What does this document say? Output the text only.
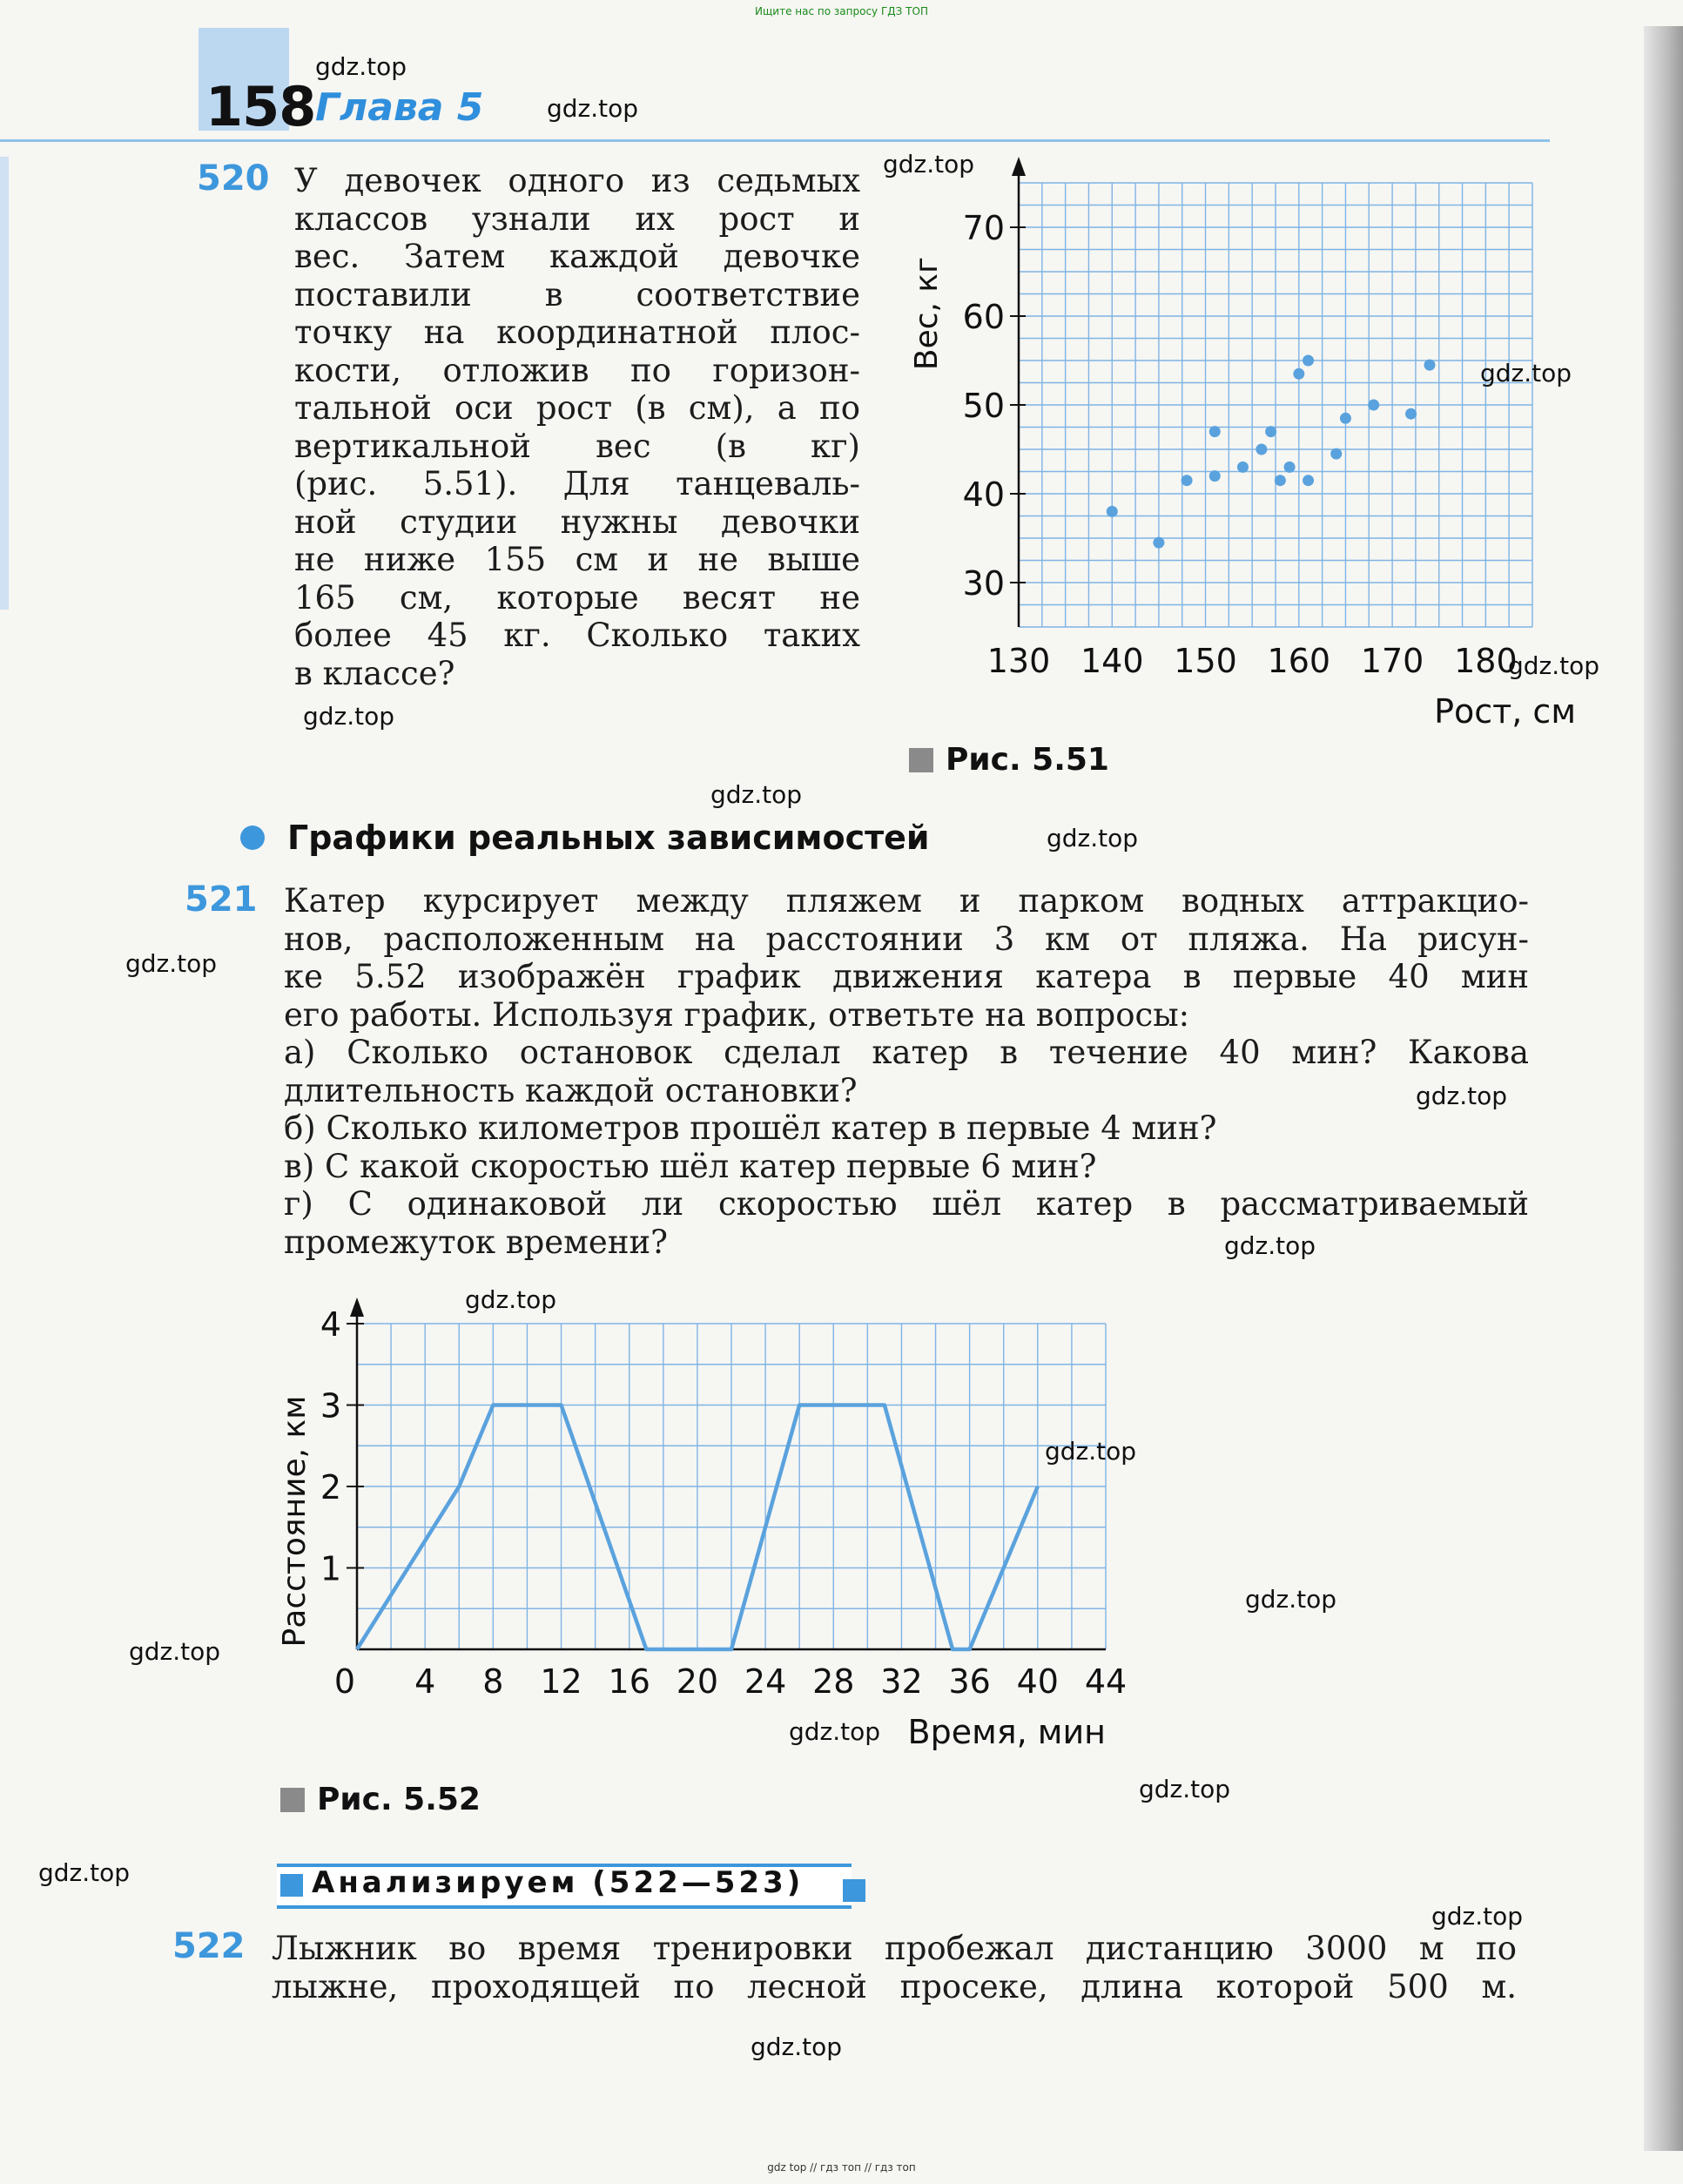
Ищите нас по запросу ГДЗ ТОП
158 Глава 5
520 У девочек одного из седьмых
классов узнали их рост и
вес. Затем каждой девочке
поставили в соответствие
точку на координатной плос-
кости, отложив по горизон-
тальной оси рост (в см), а по
вертикальной вес (в кг)
(рис. 5.51). Для танцеваль-
ной студии нужны девочки
не ниже 155 см и не выше
165 см, которые весят не
более 45 кг. Сколько таких
в классе?
30
40
50
60
70
130 140 150 160 170 180
Рост, см
Вес, кг
Рис. 5.51
Графики реальных зависимостей
521 Катер курсирует между пляжем и парком водных аттракцио-
нов, расположенным на расстоянии 3 км от пляжа. На рисун-
ке 5.52 изображён график движения катера в первые 40 мин
его работы. Используя график, ответьте на вопросы:
а) Сколько остановок сделал катер в течение 40 мин? Какова
длительность каждой остановки?
б) Сколько километров прошёл катер в первые 4 мин?
в) С какой скоростью шёл катер первые 6 мин?
г) С одинаковой ли скоростью шёл катер в рассматриваемый
промежуток времени?
1
2
3
4
0 4 8 12 16 20 24 28 32 36 40 44
Время, мин
Расстояние, км
Рис. 5.52
Анализируем (522—523)
522 Лыжник во время тренировки пробежал дистанцию 3000 м по
лыжне, проходящей по лесной просеке, длина которой 500 м.
gdz.top
gdz.top
gdz.top
gdz.top
gdz.top
gdz.top
gdz.top
gdz.top
gdz.top
gdz.top
gdz.top
gdz.top
gdz.top
gdz.top
gdz.top
gdz.top
gdz.top
gdz.top
gdz.top
gdz.top
gdz top // гдз топ // гдз топ
